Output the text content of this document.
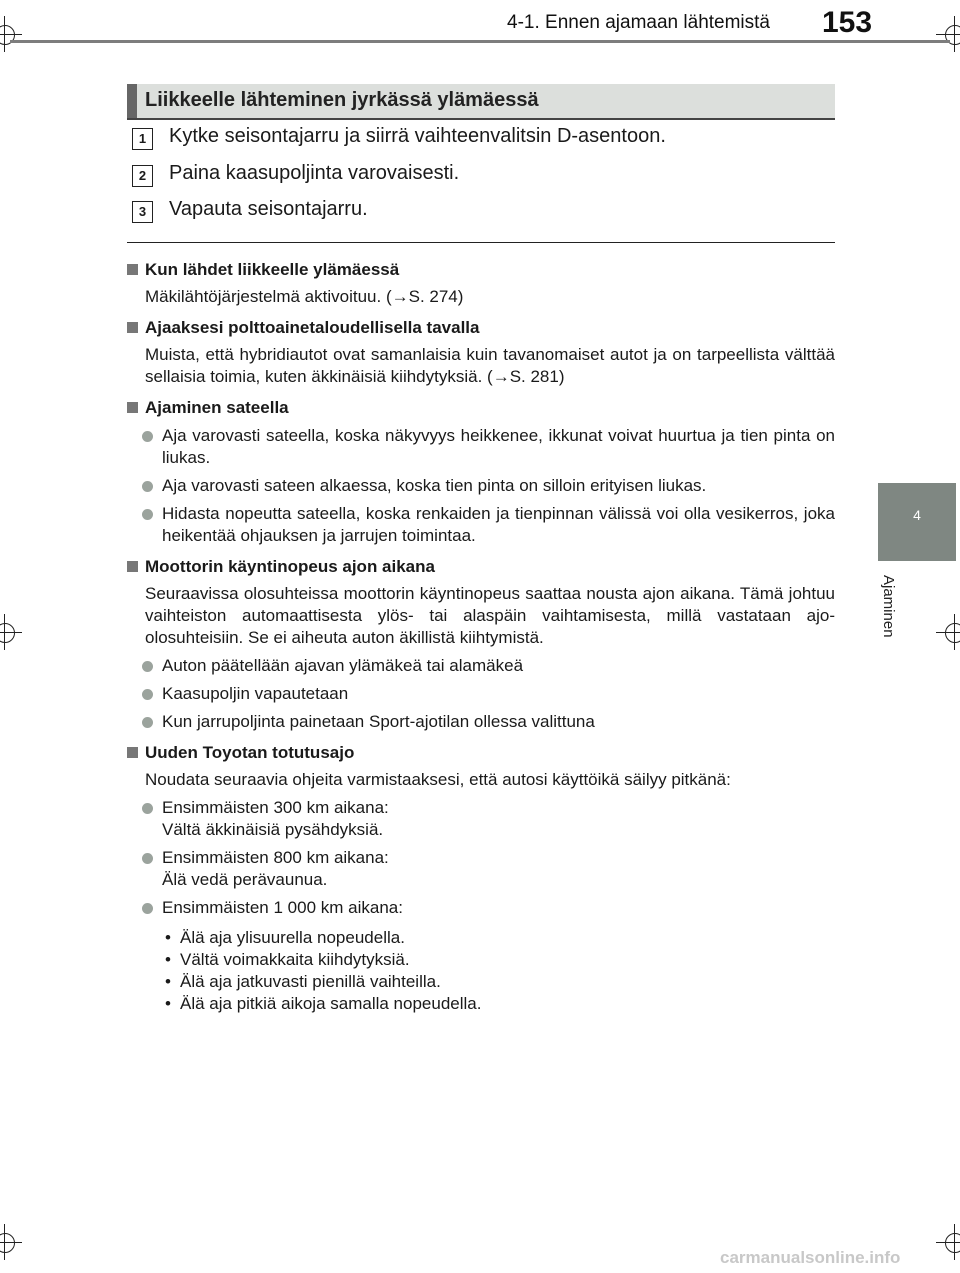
4-1. Ennen ajamaan lähtemistä 153
4
Ajaminen
Liikkeelle lähteminen jyrkässä ylämäessä
1	Kytke seisontajarru ja siirrä vaihteenvalitsin D-asentoon.
2	Paina kaasupoljinta varovaisesti.
3	Vapauta seisontajarru.
Kun lähdet liikkeelle ylämäessä
Mäkilähtöjärjestelmä aktivoituu. (→S. 274)
Ajaaksesi polttoainetaloudellisella tavalla
Muista, että hybridiautot ovat samanlaisia kuin tavanomaiset autot ja on tarpeellista välttää sellaisia toimia, kuten äkkinäisiä kiihdytyksiä. (→S. 281)
Ajaminen sateella
Aja varovasti sateella, koska näkyvyys heikkenee, ikkunat voivat huurtua ja tien pinta on liukas.
Aja varovasti sateen alkaessa, koska tien pinta on silloin erityisen liukas.
Hidasta nopeutta sateella, koska renkaiden ja tienpinnan välissä voi olla vesikerros, joka heikentää ohjauksen ja jarrujen toimintaa.
Moottorin käyntinopeus ajon aikana
Seuraavissa olosuhteissa moottorin käyntinopeus saattaa nousta ajon aikana. Tämä johtuu vaihteiston automaattisesta ylös- tai alaspäin vaihtamisesta, millä vastataan ajo-olosuhteisiin. Se ei aiheuta auton äkillistä kiihtymistä.
Auton päätellään ajavan ylämäkeä tai alamäkeä
Kaasupoljin vapautetaan
Kun jarrupoljinta painetaan Sport-ajotilan ollessa valittuna
Uuden Toyotan totutusajo
Noudata seuraavia ohjeita varmistaaksesi, että autosi käyttöikä säilyy pitkänä:
Ensimmäisten 300 km aikana:
Vältä äkkinäisiä pysähdyksiä.
Ensimmäisten 800 km aikana:
Älä vedä perävaunua.
Ensimmäisten 1 000 km aikana:
• Älä aja ylisuurella nopeudella.
• Vältä voimakkaita kiihdytyksiä.
• Älä aja jatkuvasti pienillä vaihteilla.
• Älä aja pitkiä aikoja samalla nopeudella.
carmanualsonline.info
